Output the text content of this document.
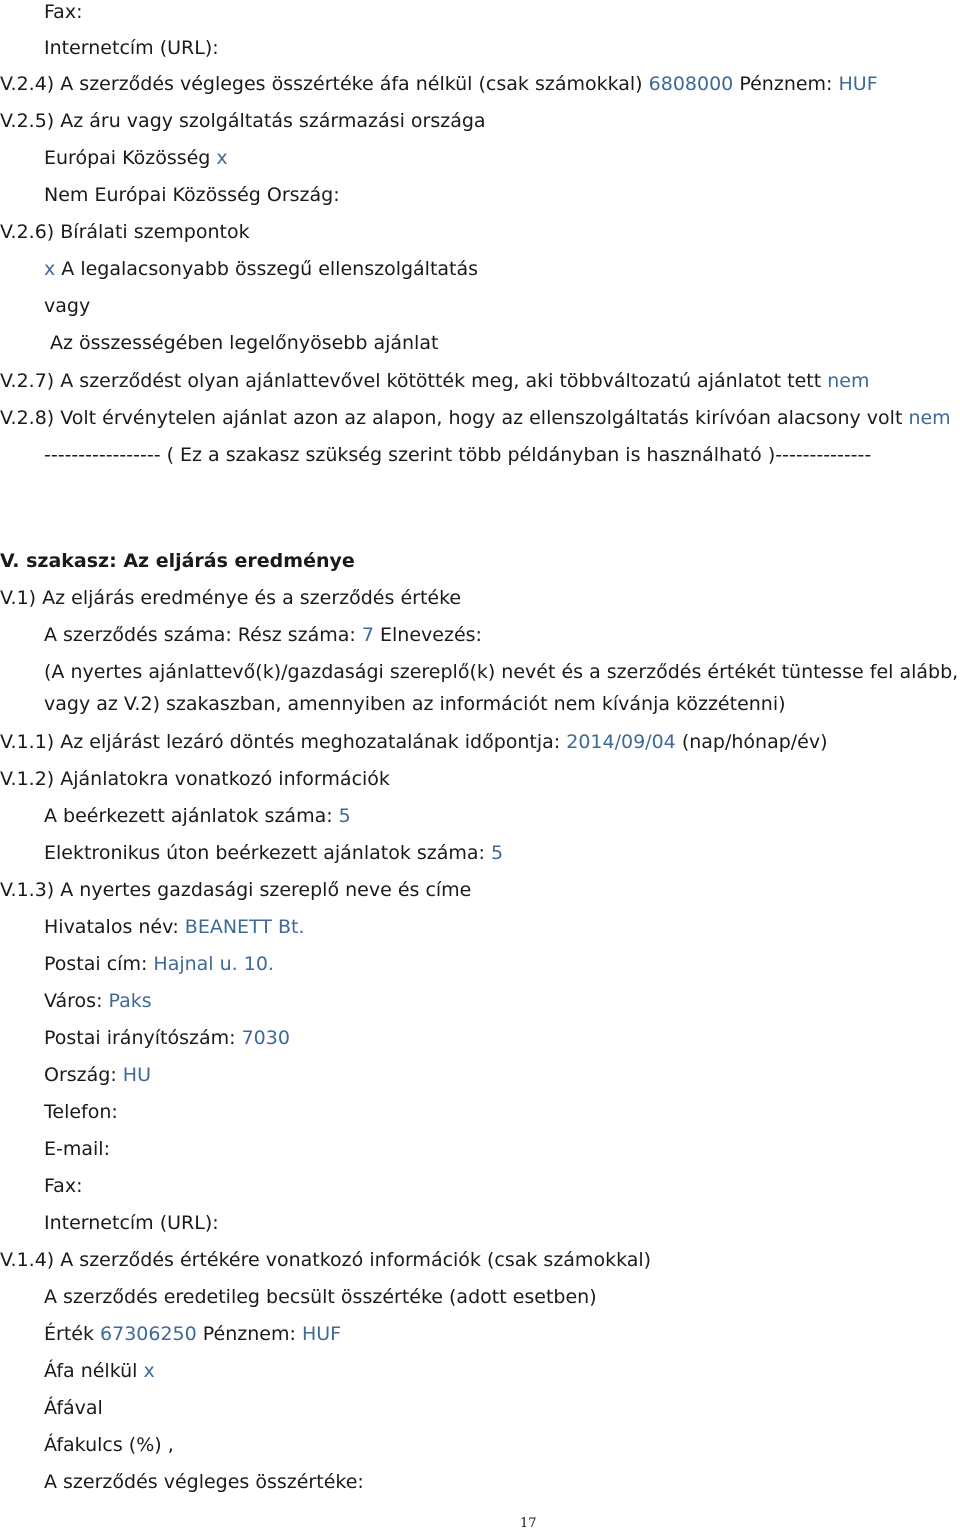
Fax:
Internetcím (URL):
V.2.4) A szerződés végleges összértéke áfa nélkül (csak számokkal) 6808000 Pénznem: HUF
V.2.5) Az áru vagy szolgáltatás származási országa
Európai Közösség x
Nem Európai Közösség Ország:
V.2.6) Bírálati szempontok
x A legalacsonyabb összegű ellenszolgáltatás
vagy
Az összességében legelőnyösebb ajánlat
V.2.7) A szerződést olyan ajánlattevővel kötötték meg, aki többváltozatú ajánlatot tett nem
V.2.8) Volt érvénytelen ajánlat azon az alapon, hogy az ellenszolgáltatás kirívóan alacsony volt nem
----------------- ( Ez a szakasz szükség szerint több példányban is használható )--------------
V. szakasz: Az eljárás eredménye
V.1) Az eljárás eredménye és a szerződés értéke
A szerződés száma: Rész száma: 7 Elnevezés:
(A nyertes ajánlattevő(k)/gazdasági szereplő(k) nevét és a szerződés értékét tüntesse fel alább,
vagy az V.2) szakaszban, amennyiben az információt nem kívánja közzétenni)
V.1.1) Az eljárást lezáró döntés meghozatalának időpontja: 2014/09/04 (nap/hónap/év)
V.1.2) Ajánlatokra vonatkozó információk
A beérkezett ajánlatok száma: 5
Elektronikus úton beérkezett ajánlatok száma: 5
V.1.3) A nyertes gazdasági szereplő neve és címe
Hivatalos név: BEANETT Bt.
Postai cím: Hajnal u. 10.
Város: Paks
Postai irányítószám: 7030
Ország: HU
Telefon:
E-mail:
Fax:
Internetcím (URL):
V.1.4) A szerződés értékére vonatkozó információk (csak számokkal)
A szerződés eredetileg becsült összértéke (adott esetben)
Érték 67306250 Pénznem: HUF
Áfa nélkül x
Áfával
Áfakulcs (%) ,
A szerződés végleges összértéke:
17
